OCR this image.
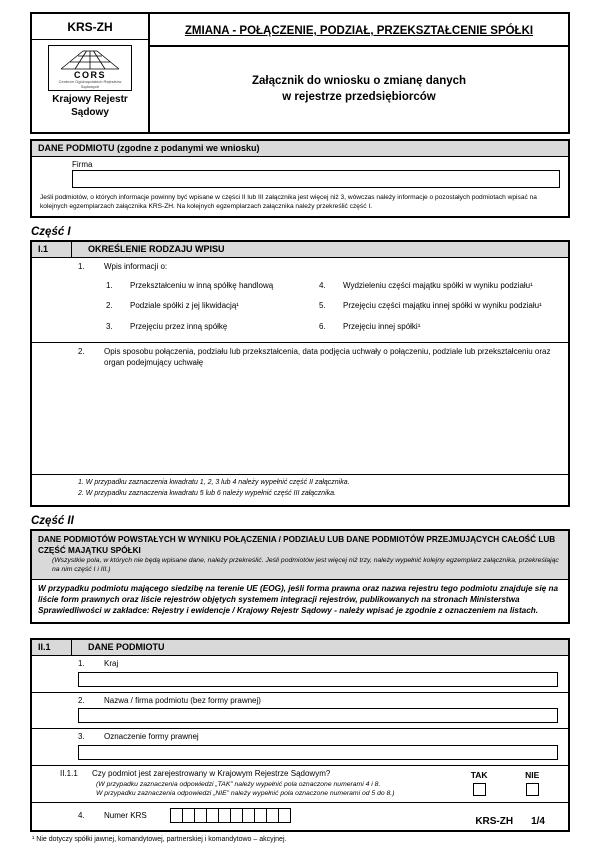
KRS-ZH
CORS
Centrum Ogólnopolskich Rejestrów Sądowych
Krajowy Rejestr Sądowy
ZMIANA - POŁĄCZENIE, PODZIAŁ, PRZEKSZTAŁCENIE SPÓŁKI
Załącznik do wniosku o zmianę danych
w rejestrze przedsiębiorców
DANE PODMIOTU (zgodne z podanymi we wniosku)
Firma
Jeśli podmiotów, o których informacje powinny być wpisane w części II lub III załącznika jest więcej niż 3, wówczas należy informacje o pozostałych podmiotach wpisać na kolejnych egzemplarzach załącznika KRS-ZH. Na kolejnych egzemplarzach załącznika należy przekreślić część I.
Część I
I.1	OKREŚLENIE RODZAJU WPISU
1.	Wpis informacji o:
1.	Przekształceniu w inną spółkę handlową
2.	Podziale spółki z jej likwidacją¹
3.	Przejęciu przez inną spółkę
4.	Wydzieleniu części majątku spółki w wyniku podziału¹
5.	Przejęciu części majątku innej spółki w wyniku podziału¹
6.	Przejęciu innej spółki¹
2.	Opis sposobu połączenia, podziału lub przekształcenia, data podjęcia uchwały o połączeniu, podziale lub przekształceniu oraz organ podejmujący uchwałę
1. W przypadku zaznaczenia kwadratu 1, 2, 3 lub 4 należy wypełnić część II załącznika.
2. W przypadku zaznaczenia kwadratu 5 lub 6 należy wypełnić część III załącznika.
Część II
DANE PODMIOTÓW POWSTAŁYCH W WYNIKU POŁĄCZENIA / PODZIAŁU LUB DANE PODMIOTÓW PRZEJMUJĄCYCH CAŁOŚĆ LUB CZĘŚĆ MAJĄTKU SPÓŁKI
(Wszystkie pola, w których nie będą wpisane dane, należy przekreślić. Jeśli podmiotów jest więcej niż trzy, należy wypełnić kolejny egzemplarz załącznika, przekreślając na nim część I i III.)
W przypadku podmiotu mającego siedzibę na terenie UE (EOG), jeśli forma prawna oraz nazwa rejestru tego podmiotu znajduje się na liście form prawnych oraz liście rejestrów objętych systemem integracji rejestrów, publikowanych na stronach Ministerstwa Sprawiedliwości w zakładce: Rejestry i ewidencje / Krajowy Rejestr Sądowy - należy wpisać je zgodnie z oznaczeniem na listach.
II.1	DANE PODMIOTU
1.	Kraj
2.	Nazwa / firma podmiotu (bez formy prawnej)
3.	Oznaczenie formy prawnej
II.1.1	Czy podmiot jest zarejestrowany w Krajowym Rejestrze Sądowym?
(W przypadku zaznaczenia odpowiedzi „TAK” należy wypełnić pola oznaczone numerami 4 i 8.
W przypadku zaznaczenia odpowiedzi „NIE” należy wypełnić pola oznaczone numerami od 5 do 8.)
TAK	NIE
4.	Numer KRS
¹ Nie dotyczy spółki jawnej, komandytowej, partnerskiej i komandytowo – akcyjnej.
KRS-ZH 1/4
